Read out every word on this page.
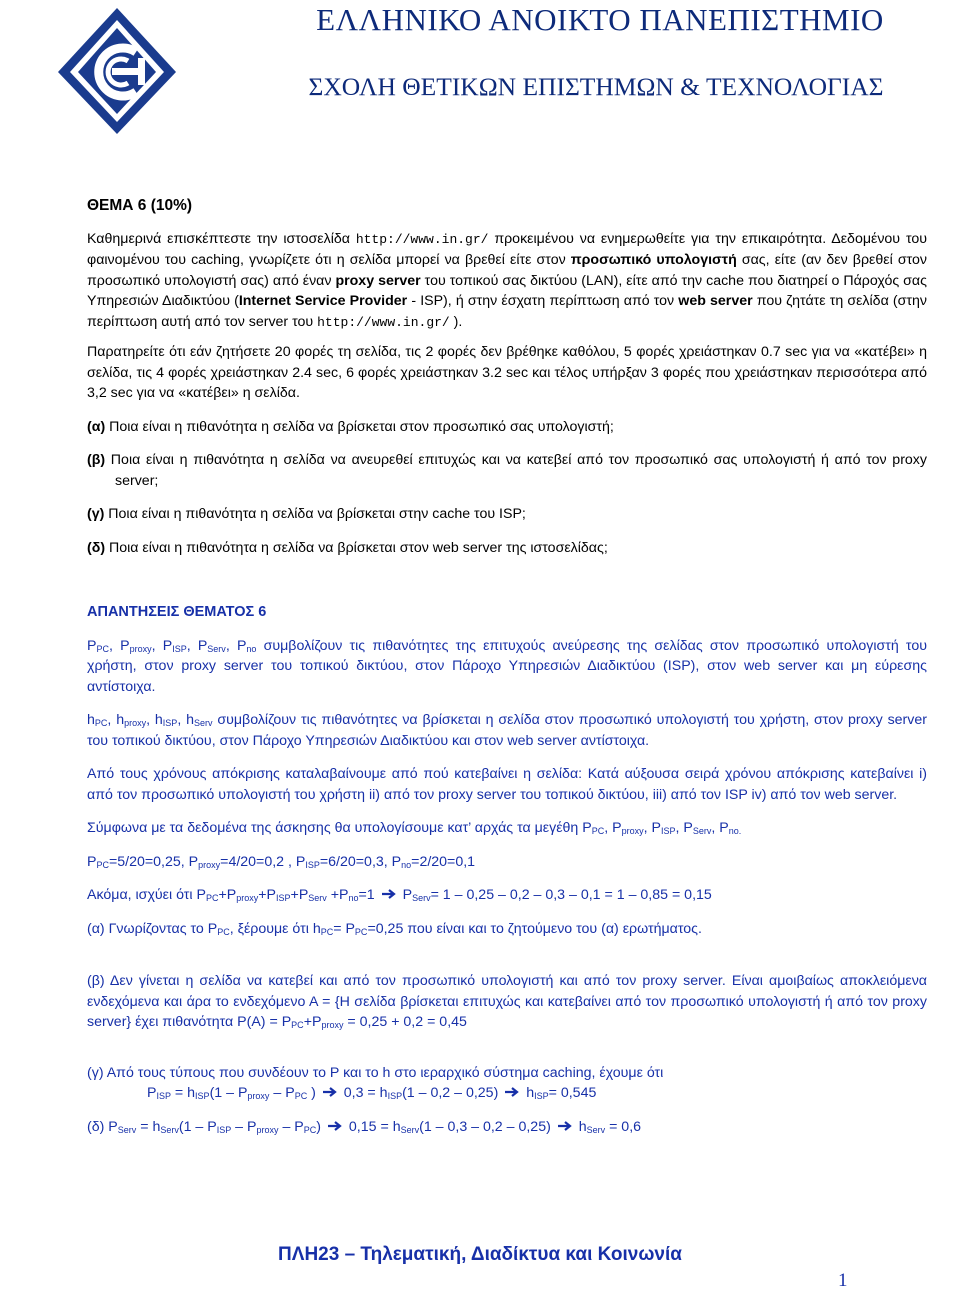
ΕΛΛΗΝΙΚΟ ΑΝΟΙΚΤΟ ΠΑΝΕΠΙΣΤΗΜΙΟ
ΣΧΟΛΗ ΘΕΤΙΚΩΝ ΕΠΙΣΤΗΜΩΝ & ΤΕΧΝΟΛΟΓΙΑΣ
ΘΕΜΑ 6 (10%)

Καθημερινά επισκέπτεστε την ιστοσελίδα http://www.in.gr/ προκειμένου να ενημερωθείτε για την επικαιρότητα. Δεδομένου του φαινομένου του caching, γνωρίζετε ότι η σελίδα μπορεί να βρεθεί είτε στον προσωπικό υπολογιστή σας, είτε (αν δεν βρεθεί στον προσωπικό υπολογιστή σας) από έναν proxy server του τοπικού σας δικτύου (LAN), είτε από την cache που διατηρεί ο Πάροχός σας Υπηρεσιών Διαδικτύου (Internet Service Provider - ISP), ή στην έσχατη περίπτωση από τον web server που ζητάτε τη σελίδα (στην περίπτωση αυτή από τον server του http://www.in.gr/ ).

Παρατηρείτε ότι εάν ζητήσετε 20 φορές τη σελίδα, τις 2 φορές δεν βρέθηκε καθόλου, 5 φορές χρειάστηκαν 0.7 sec για να «κατέβει» η σελίδα, τις 4 φορές χρειάστηκαν 2.4 sec, 6 φορές χρειάστηκαν 3.2 sec και τέλος υπήρξαν 3 φορές που χρειάστηκαν περισσότερα από 3,2 sec για να «κατέβει» η σελίδα.

(α) Ποια είναι η πιθανότητα η σελίδα να βρίσκεται στον προσωπικό σας υπολογιστή;

(β) Ποια είναι η πιθανότητα η σελίδα να ανευρεθεί επιτυχώς και να κατεβεί από τον προσωπικό σας υπολογιστή ή από τον proxy server;

(γ) Ποια είναι η πιθανότητα η σελίδα να βρίσκεται στην cache του ISP;

(δ) Ποια είναι η πιθανότητα η σελίδα να βρίσκεται στον web server της ιστοσελίδας;

ΑΠΑΝΤΗΣΕΙΣ ΘΕΜΑΤΟΣ 6

$P_{PC}$, $P_{proxy}$, $P_{ISP}$, $P_{Serv}$, $P_{no}$ συμβολίζουν τις πιθανότητες της επιτυχούς ανεύρεσης της σελίδας στον προσωπικό υπολογιστή του χρήστη, στον proxy server του τοπικού δικτύου, στον Πάροχο Υπηρεσιών Διαδικτύου (ISP), στον web server και μη εύρεσης αντίστοιχα.

$h_{PC}$, $h_{proxy}$, $h_{ISP}$, $h_{Serv}$ συμβολίζουν τις πιθανότητες να βρίσκεται η σελίδα στον προσωπικό υπολογιστή του χρήστη, στον proxy server του τοπικού δικτύου, στον Πάροχο Υπηρεσιών Διαδικτύου και στον web server αντίστοιχα.

Από τους χρόνους απόκρισης καταλαβαίνουμε από πού κατεβαίνει η σελίδα: Κατά αύξουσα σειρά χρόνου απόκρισης κατεβαίνει i) από τον προσωπικό υπολογιστή του χρήστη ii) από τον proxy server του τοπικού δικτύου, iii) από τον ISP iv) από τον web server.

Σύμφωνα με τα δεδομένα της άσκησης θα υπολογίσουμε κατ’ αρχάς τα μεγέθη $P_{PC}$, $P_{proxy}$, $P_{ISP}$, $P_{Serv}$, $P_{no.}$

$P_{PC}=5/20=0,25$, $P_{proxy}=4/20=0,2$ , $P_{ISP}=6/20=0,3$, $P_{no}=2/20=0,1$

Ακόμα, ισχύει ότι $P_{PC}+P_{proxy}+P_{ISP}+P_{Serv} +P_{no}=1$  $P_{Serv}= 1 - 0,25 - 0,2 - 0,3 - 0,1 = 1 - 0,85 = 0,15$

(α) Γνωρίζοντας το $P_{PC}$, ξέρουμε ότι $h_{PC}= P_{PC}=0,25$ που είναι και το ζητούμενο του (α) ερωτήματος.

(β) Δεν γίνεται η σελίδα να κατεβεί και από τον προσωπικό υπολογιστή και από τον proxy server. Είναι αμοιβαίως αποκλειόμενα ενδεχόμενα και άρα το ενδεχόμενο Α = {Η σελίδα βρίσκεται επιτυχώς και κατεβαίνει από τον προσωπικό υπολογιστή ή από τον proxy server} έχει πιθανότητα $P(A) = P_{PC}+P_{proxy} = 0,25 + 0,2 = 0,45$

(γ) Από τους τύπους που συνδέουν το P και το h στο ιεραρχικό σύστημα caching, έχουμε ότι

$P_{ISP} = h_{ISP}(1 - P_{proxy} - P_{PC}$ )  $0,3 = h_{ISP}(1 - 0,2 - 0,25)$ $h_{ISP}= 0,545$

(δ) $P_{Serv} = h_{Serv}(1 - P_{ISP} - P_{proxy} - P_{PC}) 0,15 = h_{Serv}(1 - 0,3 - 0,2 - 0,25) h_{Serv} = 0,6$

ΠΛΗ23 – Τηλεματική, Διαδίκτυα και Κοινωνία
1
